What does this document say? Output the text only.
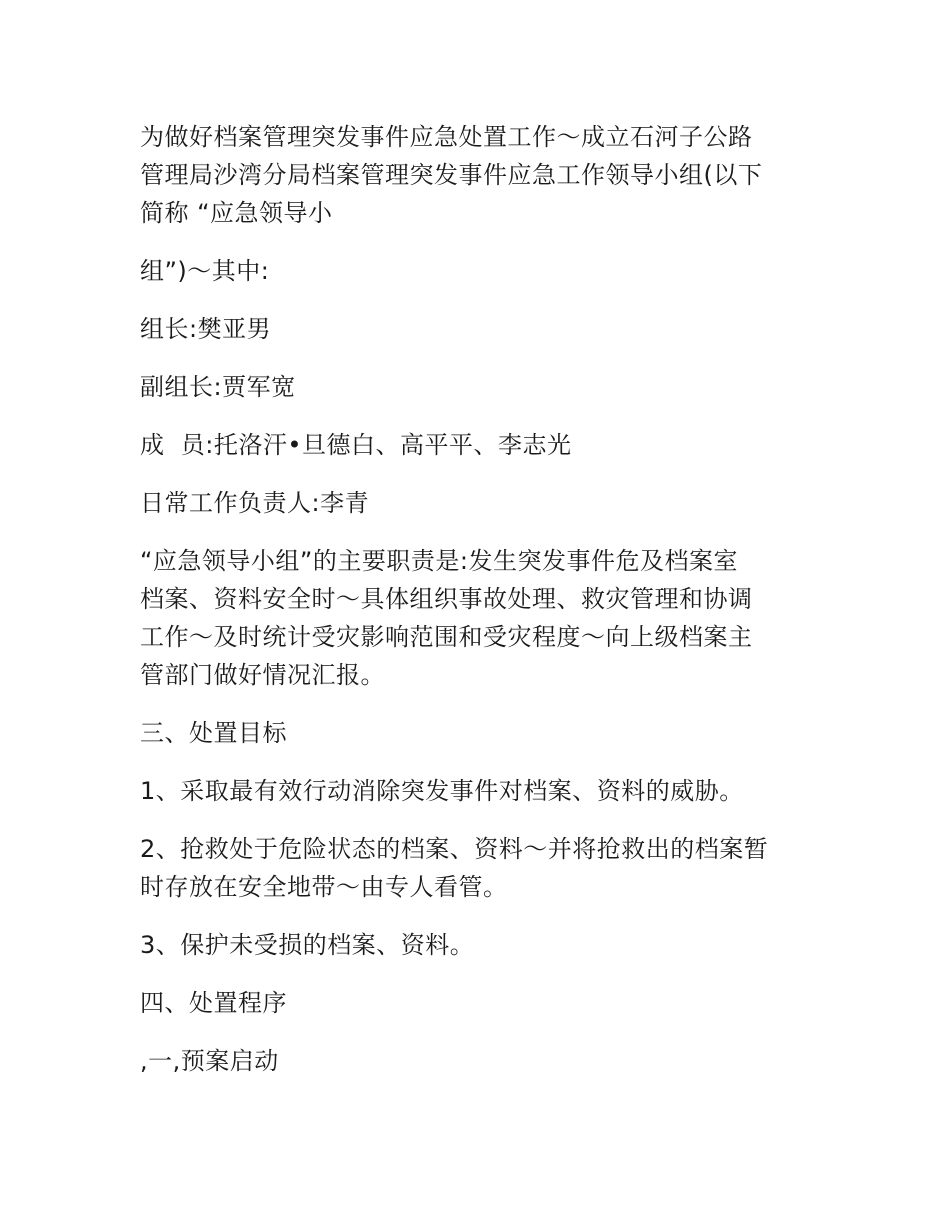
为做好档案管理突发事件应急处置工作～成立石河子公路
管理局沙湾分局档案管理突发事件应急工作领导小组(以下
简称 “应急领导小

组”)～其中:

组长:樊亚男

副组长:贾军宽

成  员:托洛汗•旦德白、高平平、李志光

日常工作负责人:李青

“应急领导小组”的主要职责是:发生突发事件危及档案室
档案、资料安全时～具体组织事故处理、救灾管理和协调
工作～及时统计受灾影响范围和受灾程度～向上级档案主
管部门做好情况汇报。

三、处置目标

1、采取最有效行动消除突发事件对档案、资料的威胁。

2、抢救处于危险状态的档案、资料～并将抢救出的档案暂
时存放在安全地带～由专人看管。

3、保护未受损的档案、资料。

四、处置程序

,一,预案启动
